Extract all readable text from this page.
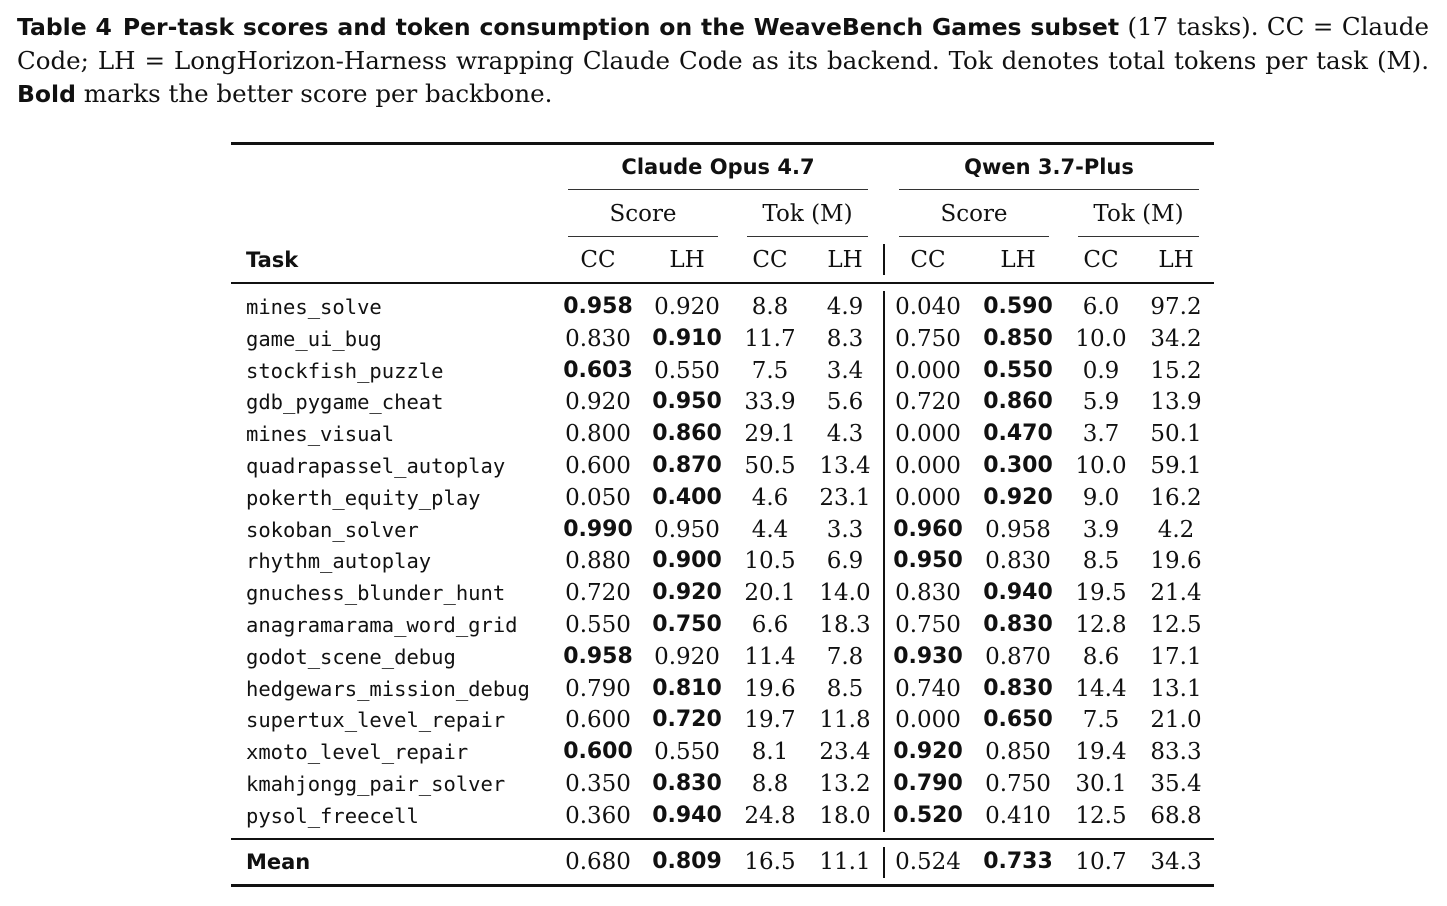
Table 4 Per-task scores and token consumption on the WeaveBench Games subset (17 tasks). CC = Claude Code; LH = LongHorizon-Harness wrapping Claude Code as its backend. Tok denotes total tokens per task (M). Bold marks the better score per backbone.
Claude Opus 4.7	Qwen 3.7-Plus
Score	Tok (M)	Score	Tok (M)
Task	CC	LH	CC	LH	CC	LH	CC	LH
mines_solve	0.958 0.920	8.8	4.9	0.040 0.590	6.0	97.2
game_ui_bug	0.830 0.910 11.7	8.3	0.750 0.850 10.0	34.2
stockfish_puzzle	0.603 0.550	7.5	3.4	0.000 0.550	0.9	15.2
gdb_pygame_cheat	0.920 0.950 33.9	5.6	0.720 0.860	5.9	13.9
mines_visual	0.800 0.860 29.1	4.3	0.000 0.470	3.7	50.1
quadrapassel_autoplay	0.600 0.870 50.5	13.4	0.000 0.300 10.0	59.1
pokerth_equity_play	0.050 0.400	4.6	23.1	0.000 0.920	9.0	16.2
sokoban_solver	0.990 0.950	4.4	3.3	0.960 0.958	3.9	4.2
rhythm_autoplay	0.880 0.900 10.5	6.9	0.950 0.830	8.5	19.6
gnuchess_blunder_hunt	0.720 0.920 20.1	14.0	0.830 0.940 19.5	21.4
anagramarama_word_grid 0.550 0.750	6.6	18.3	0.750 0.830 12.8	12.5
godot_scene_debug	0.958 0.920	11.4	7.8	0.930 0.870	8.6	17.1
hedgewars_mission_debug 0.790 0.810 19.6	8.5	0.740 0.830 14.4	13.1
supertux_level_repair	0.600 0.720 19.7	11.8	0.000 0.650	7.5	21.0
xmoto_level_repair	0.600 0.550	8.1	23.4	0.920 0.850	19.4	83.3
kmahjongg_pair_solver	0.350 0.830	8.8	13.2	0.790 0.750	30.1	35.4
pysol_freecell	0.360 0.940 24.8	18.0	0.520 0.410	12.5	68.8
Mean	0.680 0.809 16.5	11.1	0.524 0.733 10.7	34.3
